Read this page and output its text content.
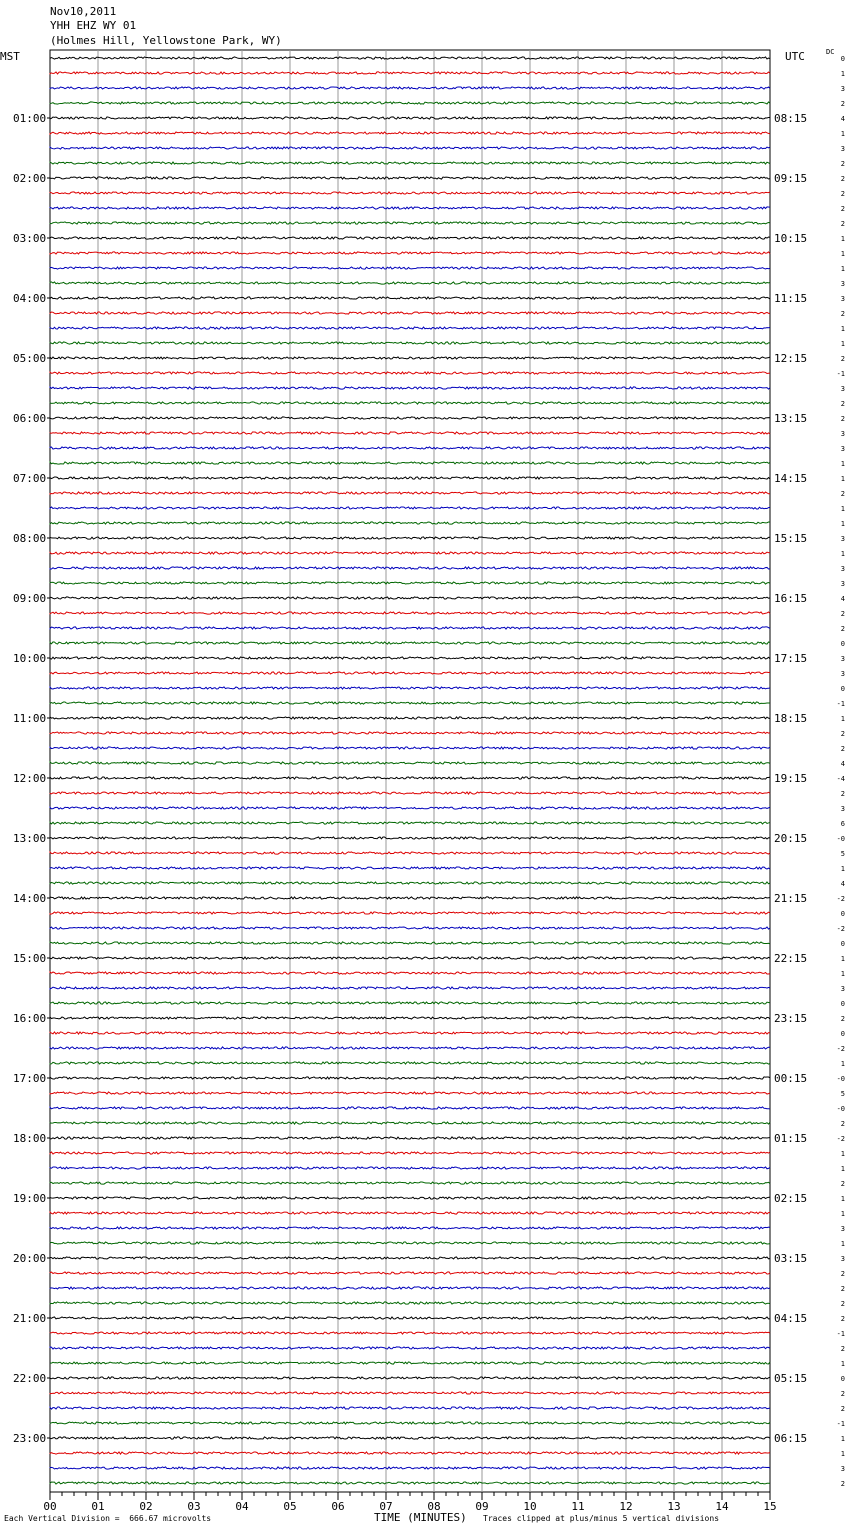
Nov10,2011
YHH EHZ WY 01
(Holmes Hill, Yellowstone Park, WY)
MST	UTC	DC
01:00
02:00
03:00
04:00
05:00
06:00
07:00
08:00
09:00
10:00
11:00
12:00
13:00
14:00
15:00
16:00
17:00
18:00
19:00
20:00
21:00
22:00
23:00
08:15
09:15
10:15
11:15
12:15
13:15
14:15
15:15
16:15
17:15
18:15
19:15
20:15
21:15
22:15
23:15
00:15
01:15
02:15
03:15
04:15
05:15
06:15
0
1
3
2
4
1
3
2
2
2
2
2
1
1
1
3
3
2
1
1
2
-1
3
2
2
3
3
1
1
2
1
1
3
1
3
3
4
2
2
0
3
3
0
-1
1
2
2
4
-4
2
3
6
-0
5
1
4
-2
0
-2
0
1
1
3
0
2
0
-2
1
-0
5
-0
2
-2
1
1
2
1
1
3
1
3
2
2
2
2
-1
2
1
0
2
2
-1
1
1
3
2
00	01	02	03	04	05	06	07	08	09	10	11	12	13	14	15
Each Vertical Division =  666.67 microvolts	TIME (MINUTES) Traces clipped at plus/minus 5 vertical divisions
